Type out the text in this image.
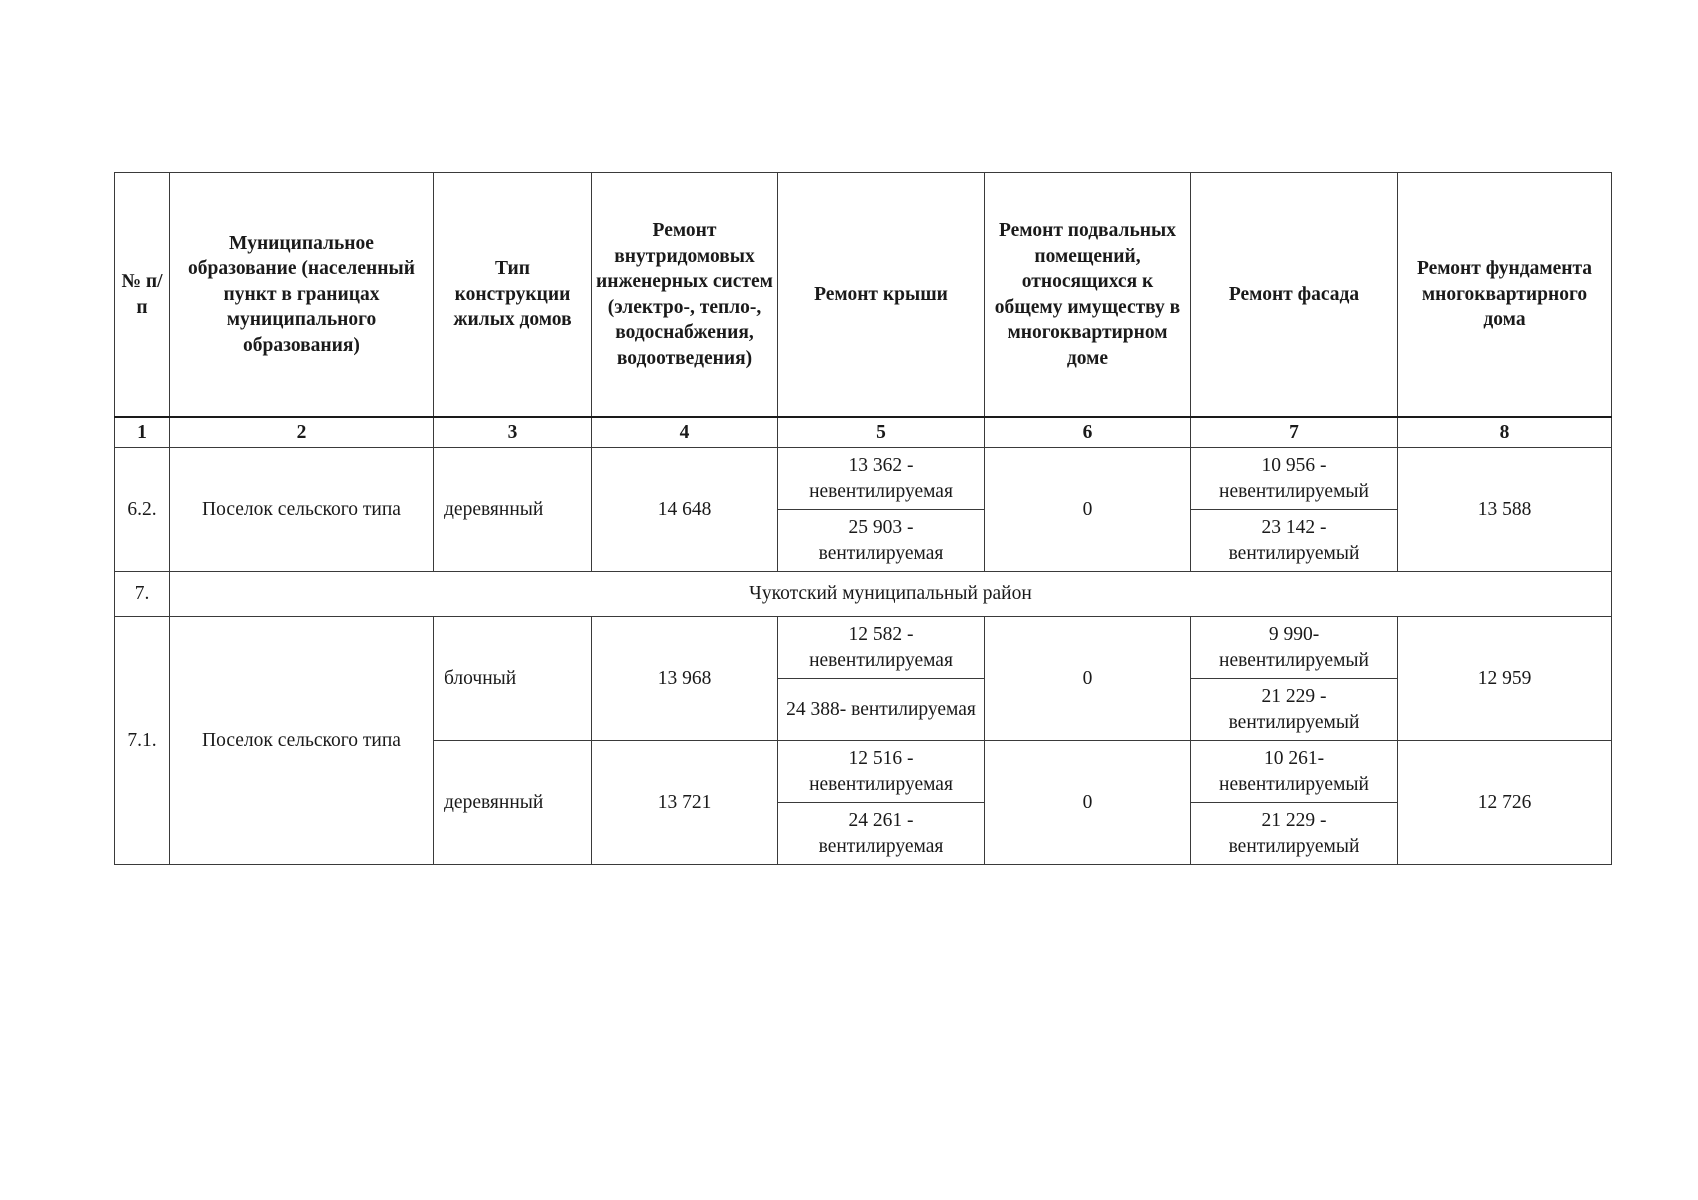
№ п/п	Муниципальное образование (населенный пункт в границах муниципального образования)	Тип конструкции жилых домов	Ремонт внутридомовых инженерных систем (электро-, тепло-, водоснабжения, водоотведения)	Ремонт крыши	Ремонт подвальных помещений, относящихся к общему имуществу в многоквартирном доме	Ремонт фасада	Ремонт фундамента многоквартирного дома
1	2	3	4	5	6	7	8
6.2.	Поселок сельского типа	деревянный	14 648	13 362 - невентилируемая	0	10 956 - невентилируемый	13 588
				25 903 - вентилируемая		23 142 - вентилируемый	
7.	Чукотский муниципальный район						
7.1.	Поселок сельского типа	блочный	13 968	12 582 - невентилируемая	0	9 990- невентилируемый	12 959
				24 388- вентилируемая		21 229 - вентилируемый	
		деревянный	13 721	12 516 - невентилируемая	0	10 261- невентилируемый	12 726
				24 261 - вентилируемая		21 229 - вентилируемый	
